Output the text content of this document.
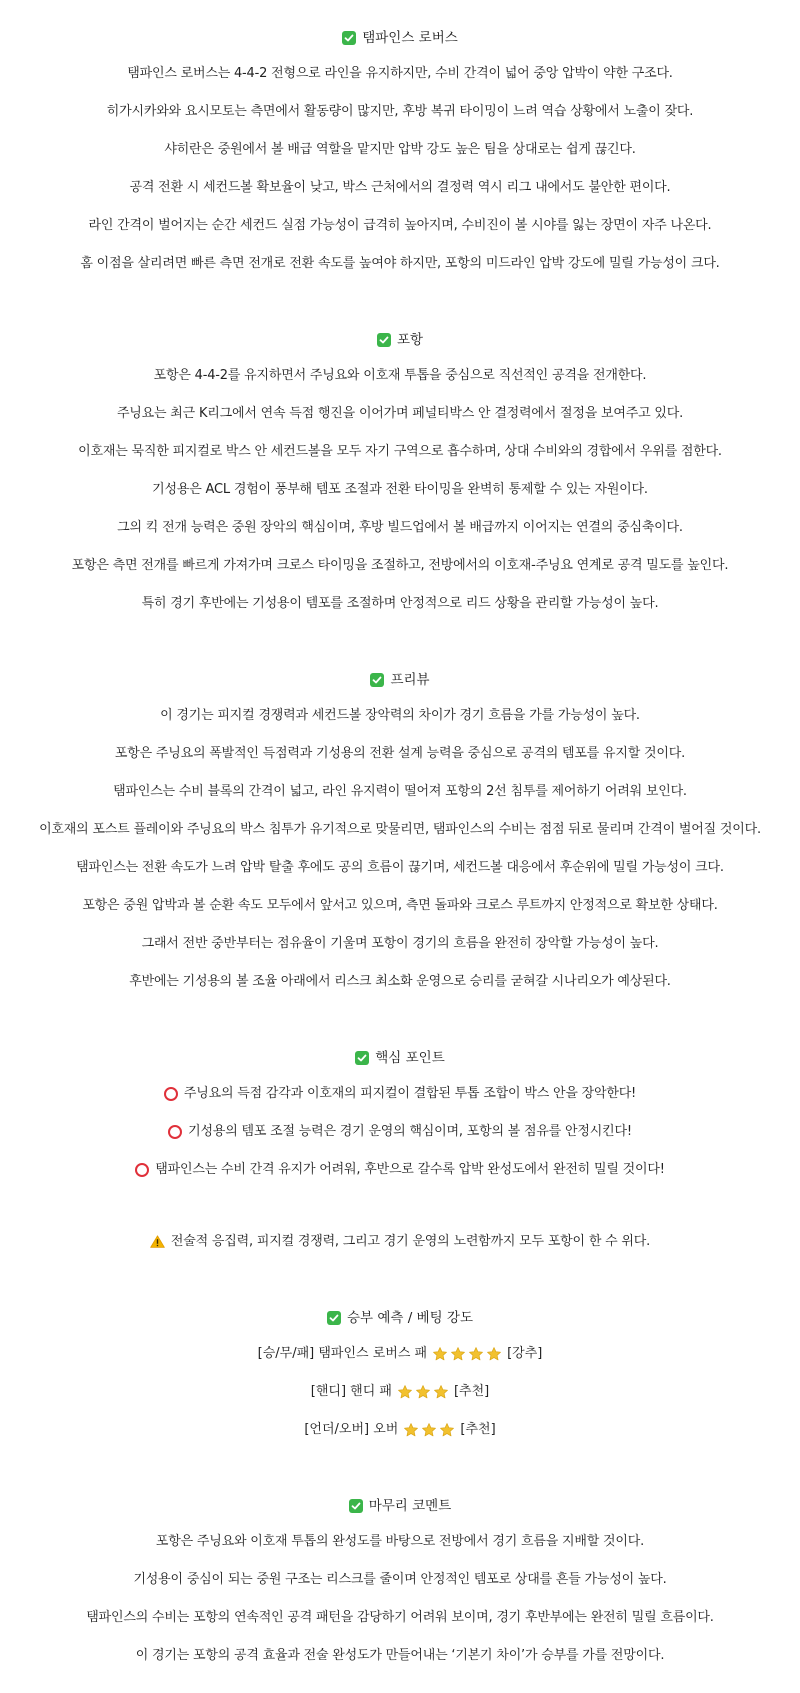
탬파인스 로버스
탬파인스 로버스는 4-4-2 전형으로 라인을 유지하지만, 수비 간격이 넓어 중앙 압박이 약한 구조다.
히가시카와와 요시모토는 측면에서 활동량이 많지만, 후방 복귀 타이밍이 느려 역습 상황에서 노출이 잦다.
샤히란은 중원에서 볼 배급 역할을 맡지만 압박 강도 높은 팀을 상대로는 쉽게 끊긴다.
공격 전환 시 세컨드볼 확보율이 낮고, 박스 근처에서의 결정력 역시 리그 내에서도 불안한 편이다.
라인 간격이 벌어지는 순간 세컨드 실점 가능성이 급격히 높아지며, 수비진이 볼 시야를 잃는 장면이 자주 나온다.
홈 이점을 살리려면 빠른 측면 전개로 전환 속도를 높여야 하지만, 포항의 미드라인 압박 강도에 밀릴 가능성이 크다.
포항
포항은 4-4-2를 유지하면서 주닝요와 이호재 투톱을 중심으로 직선적인 공격을 전개한다.
주닝요는 최근 K리그에서 연속 득점 행진을 이어가며 페널티박스 안 결정력에서 절정을 보여주고 있다.
이호재는 묵직한 피지컬로 박스 안 세컨드볼을 모두 자기 구역으로 흡수하며, 상대 수비와의 경합에서 우위를 점한다.
기성용은 ACL 경험이 풍부해 템포 조절과 전환 타이밍을 완벽히 통제할 수 있는 자원이다.
그의 킥 전개 능력은 중원 장악의 핵심이며, 후방 빌드업에서 볼 배급까지 이어지는 연결의 중심축이다.
포항은 측면 전개를 빠르게 가져가며 크로스 타이밍을 조절하고, 전방에서의 이호재-주닝요 연계로 공격 밀도를 높인다.
특히 경기 후반에는 기성용이 템포를 조절하며 안정적으로 리드 상황을 관리할 가능성이 높다.
프리뷰
이 경기는 피지컬 경쟁력과 세컨드볼 장악력의 차이가 경기 흐름을 가를 가능성이 높다.
포항은 주닝요의 폭발적인 득점력과 기성용의 전환 설계 능력을 중심으로 공격의 템포를 유지할 것이다.
탬파인스는 수비 블록의 간격이 넓고, 라인 유지력이 떨어져 포항의 2선 침투를 제어하기 어려워 보인다.
이호재의 포스트 플레이와 주닝요의 박스 침투가 유기적으로 맞물리면, 탬파인스의 수비는 점점 뒤로 물리며 간격이 벌어질 것이다.
탬파인스는 전환 속도가 느려 압박 탈출 후에도 공의 흐름이 끊기며, 세컨드볼 대응에서 후순위에 밀릴 가능성이 크다.
포항은 중원 압박과 볼 순환 속도 모두에서 앞서고 있으며, 측면 돌파와 크로스 루트까지 안정적으로 확보한 상태다.
그래서 전반 중반부터는 점유율이 기울며 포항이 경기의 흐름을 완전히 장악할 가능성이 높다.
후반에는 기성용의 볼 조율 아래에서 리스크 최소화 운영으로 승리를 굳혀갈 시나리오가 예상된다.
핵심 포인트
주닝요의 득점 감각과 이호재의 피지컬이 결합된 투톱 조합이 박스 안을 장악한다!
기성용의 템포 조절 능력은 경기 운영의 핵심이며, 포항의 볼 점유를 안정시킨다!
탬파인스는 수비 간격 유지가 어려워, 후반으로 갈수록 압박 완성도에서 완전히 밀릴 것이다!
전술적 응집력, 피지컬 경쟁력, 그리고 경기 운영의 노련함까지 모두 포항이 한 수 위다.
승부 예측 / 베팅 강도
[승/무/패] 탬파인스 로버스 패	[강추]
[핸디] 핸디 패	[추천]
[언더/오버] 오버	[추천]
마무리 코멘트
포항은 주닝요와 이호재 투톱의 완성도를 바탕으로 전방에서 경기 흐름을 지배할 것이다.
기성용이 중심이 되는 중원 구조는 리스크를 줄이며 안정적인 템포로 상대를 흔들 가능성이 높다.
탬파인스의 수비는 포항의 연속적인 공격 패턴을 감당하기 어려워 보이며, 경기 후반부에는 완전히 밀릴 흐름이다.
이 경기는 포항의 공격 효율과 전술 완성도가 만들어내는 ‘기본기 차이’가 승부를 가를 전망이다.
